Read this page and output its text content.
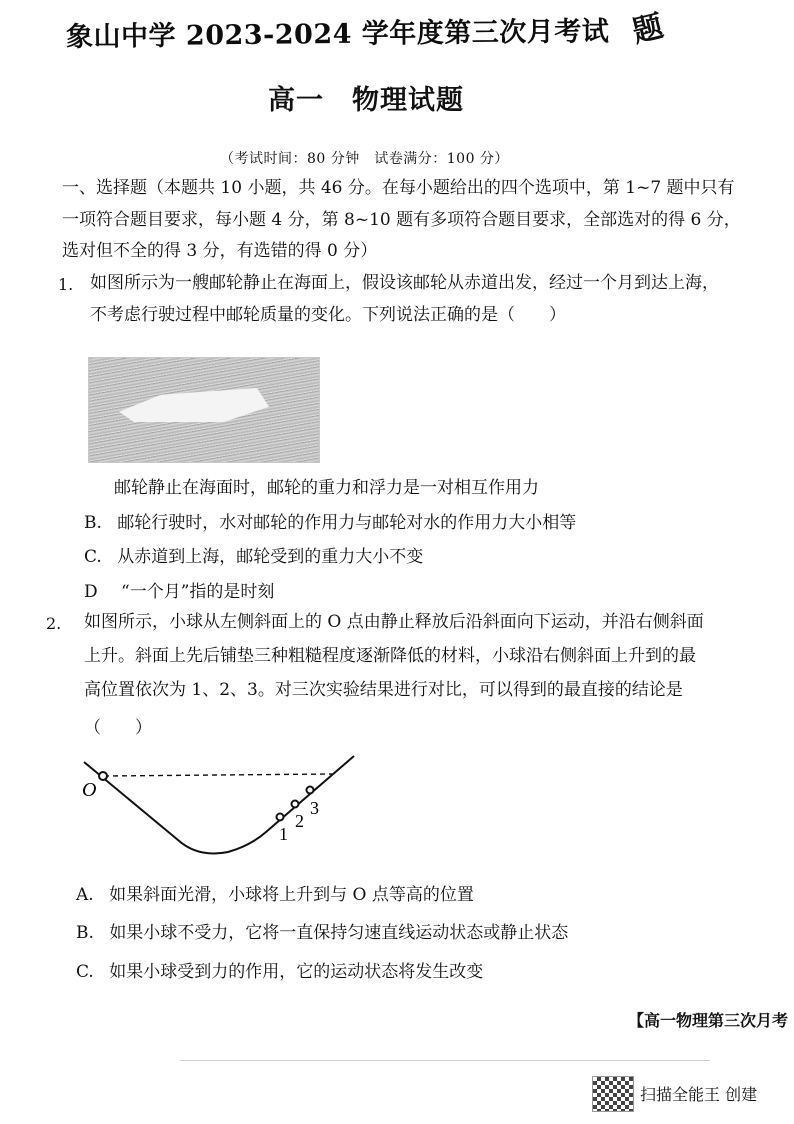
象山中学 2023-2024 学年度第三次月考试 题
高一　物理试题
（考试时间：80 分钟　试卷满分：100 分）
一、选择题（本题共 10 小题，共 46 分。在每小题给出的四个选项中，第 1~7 题中只有
一项符合题目要求，每小题 4 分，第 8~10 题有多项符合题目要求，全部选对的得 6 分，
选对但不全的得 3 分，有选错的得 0 分）
1. 如图所示为一艘邮轮静止在海面上，假设该邮轮从赤道出发，经过一个月到达上海，
不考虑行驶过程中邮轮质量的变化。下列说法正确的是（　　）
邮轮静止在海面时，邮轮的重力和浮力是一对相互作用力
B. 邮轮行驶时，水对邮轮的作用力与邮轮对水的作用力大小相等
C. 从赤道到上海，邮轮受到的重力大小不变
D “一个月”指的是时刻
2. 如图所示，小球从左侧斜面上的 O 点由静止释放后沿斜面向下运动，并沿右侧斜面
上升。斜面上先后铺垫三种粗糙程度逐渐降低的材料，小球沿右侧斜面上升到的最
高位置依次为 1、2、3。对三次实验结果进行对比，可以得到的最直接的结论是
（　　）
O
1
2
3
A. 如果斜面光滑，小球将上升到与 O 点等高的位置
B. 如果小球不受力，它将一直保持匀速直线运动状态或静止状态
C. 如果小球受到力的作用，它的运动状态将发生改变
【高一物理第三次月考
扫描全能王 创建
